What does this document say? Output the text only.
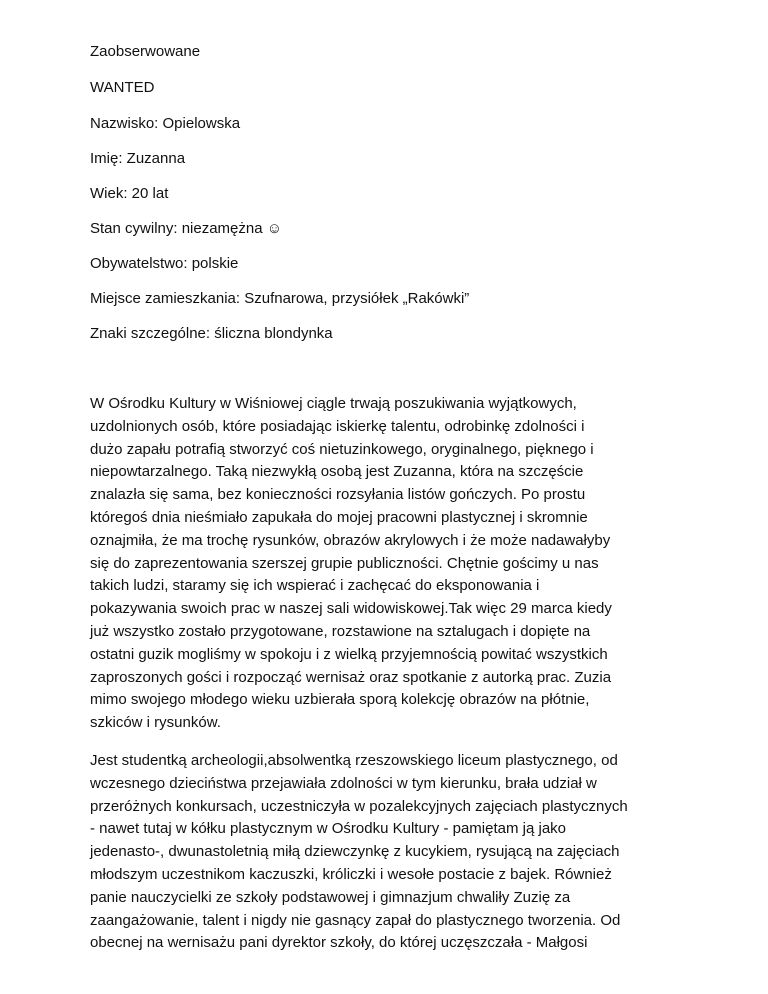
Zaobserwowane
WANTED
Nazwisko: Opielowska
Imię: Zuzanna
Wiek: 20 lat
Stan cywilny: niezamężna ☺
Obywatelstwo: polskie
Miejsce zamieszkania: Szufnarowa, przysiółek „Rakówki”
Znaki szczególne: śliczna blondynka
W Ośrodku Kultury w Wiśniowej ciągle trwają poszukiwania wyjątkowych,
uzdolnionych osób, które posiadając iskierkę talentu, odrobinkę zdolności i
dużo zapału potrafią stworzyć coś nietuzinkowego, oryginalnego, pięknego i
niepowtarzalnego. Taką niezwykłą osobą jest Zuzanna, która na szczęście
znalazła się sama, bez konieczności rozsyłania listów gończych. Po prostu
któregoś dnia nieśmiało zapukała do mojej pracowni plastycznej i skromnie
oznajmiła, że ma trochę rysunków, obrazów akrylowych i że może nadawałyby
się do zaprezentowania szerszej grupie publiczności. Chętnie gościmy u nas
takich ludzi, staramy się ich wspierać i zachęcać do eksponowania i
pokazywania swoich prac w naszej sali widowiskowej.Tak więc 29 marca kiedy
już wszystko zostało przygotowane, rozstawione na sztalugach i dopięte na
ostatni guzik mogliśmy w spokoju i z wielką przyjemnością powitać wszystkich
zaproszonych gości i rozpocząć wernisaż oraz spotkanie z autorką prac. Zuzia
mimo swojego młodego wieku uzbierała sporą kolekcję obrazów na płótnie,
szkiców i rysunków.
Jest studentką archeologii,absolwentką rzeszowskiego liceum plastycznego, od
wczesnego dzieciństwa przejawiała zdolności w tym kierunku, brała udział w
przeróżnych konkursach, uczestniczyła w pozalekcyjnych zajęciach plastycznych
- nawet tutaj w kółku plastycznym w Ośrodku Kultury - pamiętam ją jako
jedenasto-, dwunastoletnią miłą dziewczynkę z kucykiem, rysującą na zajęciach
młodszym uczestnikom kaczuszki, króliczki i wesołe postacie z bajek. Również
panie nauczycielki ze szkoły podstawowej i gimnazjum chwaliły Zuzię za
zaangażowanie, talent i nigdy nie gasnący zapał do plastycznego tworzenia. Od
obecnej na wernisażu pani dyrektor szkoły, do której uczęszczała - Małgosi
